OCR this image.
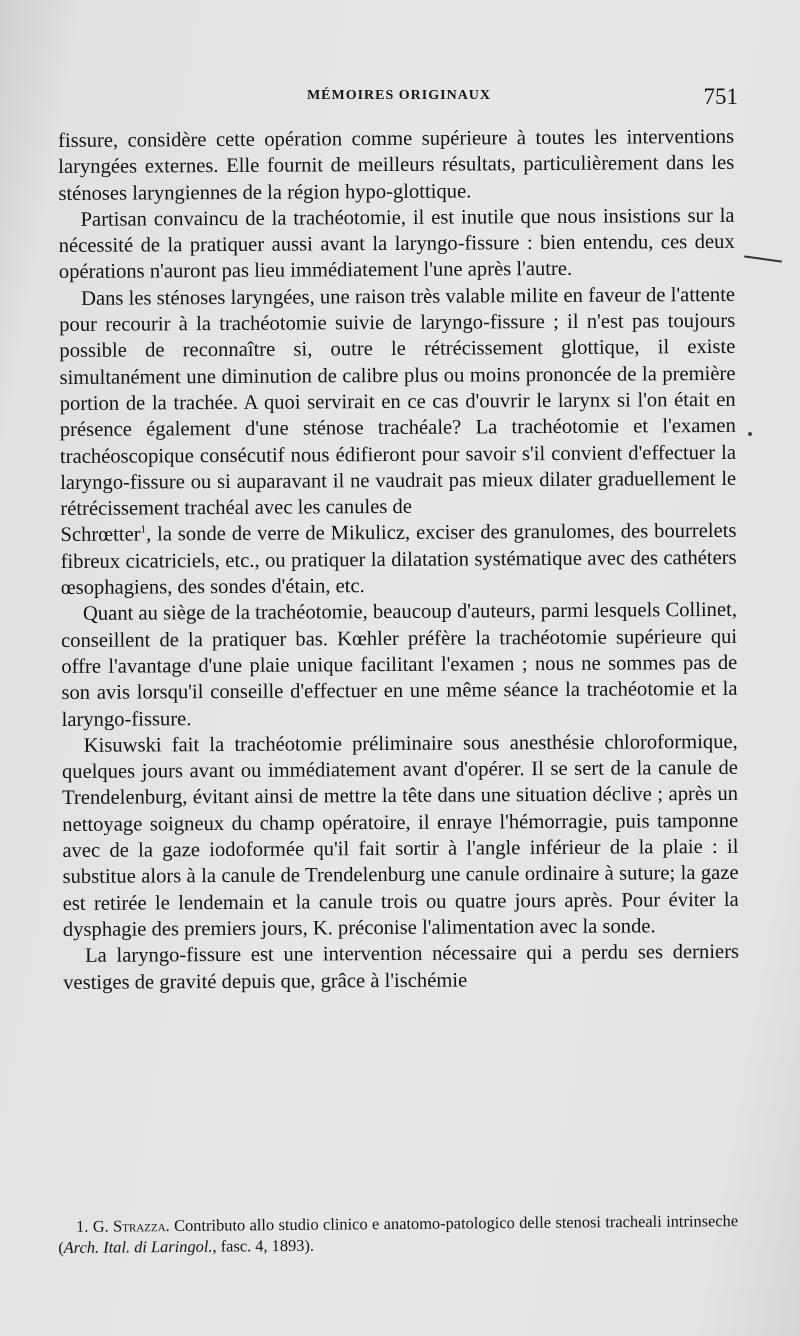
MÉMOIRES ORIGINAUX	751

fissure, considère cette opération comme supérieure à toutes les interventions laryngées externes. Elle fournit de meilleurs résultats, particulièrement dans les sténoses laryngiennes de la région hypo-glottique.

Partisan convaincu de la trachéotomie, il est inutile que nous insistions sur la nécessité de la pratiquer aussi avant la laryngo-fissure : bien entendu, ces deux opérations n'auront pas lieu immédiatement l'une après l'autre.

Dans les sténoses laryngées, une raison très valable milite en faveur de l'attente pour recourir à la trachéotomie suivie de laryngo-fissure ; il n'est pas toujours possible de reconnaître si, outre le rétrécissement glottique, il existe simultanément une diminution de calibre plus ou moins prononcée de la première portion de la trachée. A quoi servirait en ce cas d'ouvrir le larynx si l'on était en présence également d'une sténose trachéale? La trachéotomie et l'examen trachéoscopique consécutif nous édifieront pour savoir s'il convient d'effectuer la laryngo-fissure ou si auparavant il ne vaudrait pas mieux dilater graduellement le rétrécissement trachéal avec les canules de

Schrœtter$^1$, la sonde de verre de Mikulicz, exciser des granulomes, des bourrelets fibreux cicatriciels, etc., ou pratiquer la dilatation systématique avec des cathéters œsophagiens, des sondes d'étain, etc.

Quant au siège de la trachéotomie, beaucoup d'auteurs, parmi lesquels Collinet, conseillent de la pratiquer bas. Kœhler préfère la trachéotomie supérieure qui offre l'avantage d'une plaie unique facilitant l'examen ; nous ne sommes pas de son avis lorsqu'il conseille d'effectuer en une même séance la trachéotomie et la laryngo-fissure.

Kisuwski fait la trachéotomie préliminaire sous anesthésie chloroformique, quelques jours avant ou immédiatement avant d'opérer. Il se sert de la canule de Trendelenburg, évitant ainsi de mettre la tête dans une situation déclive ; après un nettoyage soigneux du champ opératoire, il enraye l'hémorragie, puis tamponne avec de la gaze iodoformée qu'il fait sortir à l'angle inférieur de la plaie : il substitue alors à la canule de Trendelenburg une canule ordinaire à suture; la gaze est retirée le lendemain et la canule trois ou quatre jours après. Pour éviter la dysphagie des premiers jours, K. préconise l'alimentation avec la sonde.

La laryngo-fissure est une intervention nécessaire qui a perdu ses derniers vestiges de gravité depuis que, grâce à l'ischémie

1. G. Strazza. Contributo allo studio clinico e anatomo-patologico delle stenosi tracheali intrinseche (Arch. Ital. di Laringol., fasc. 4, 1893).
